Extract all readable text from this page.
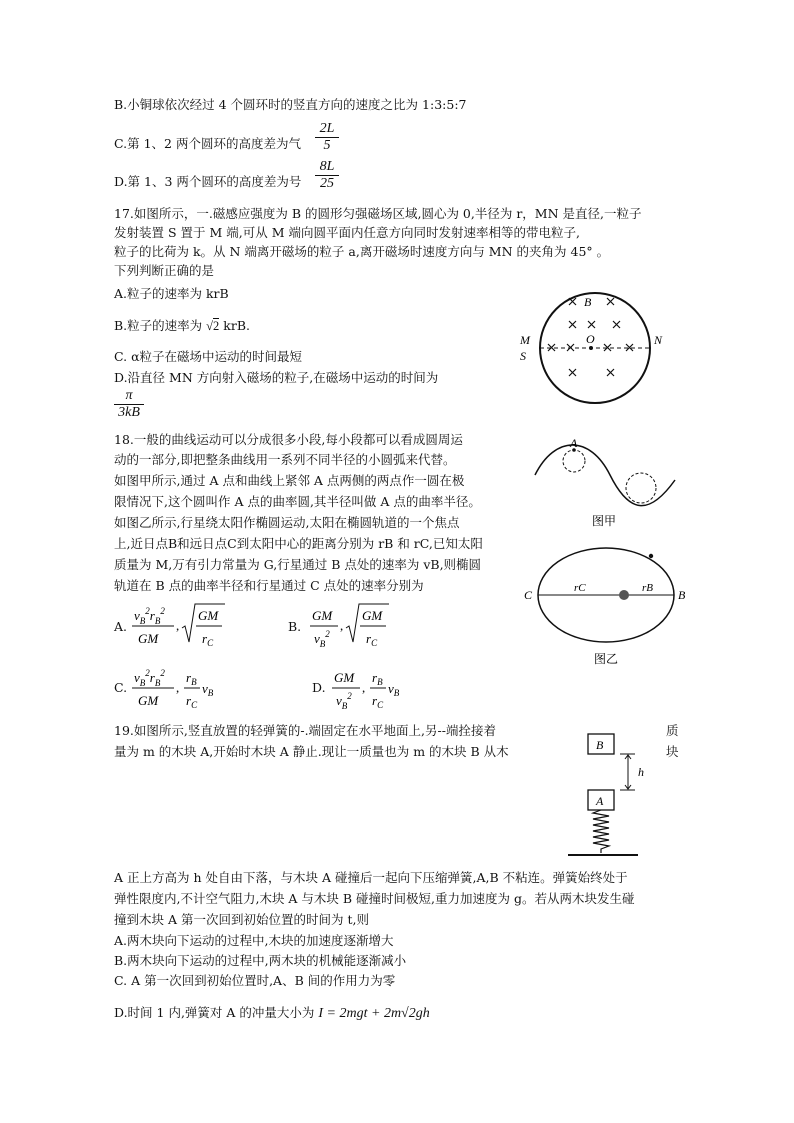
B.小铜球依次经过 4 个圆环时的竖直方向的速度之比为 1:3:5:7
C.第 1、2 两个圆环的高度差为气 $\frac{2L}{5}$
D.第 1、3 两个圆环的高度差为号 $\frac{8L}{25}$
17.如图所示，一.磁感应强度为 B 的圆形匀强磁场区域,圆心为 0,半径为 r，MN 是直径,一粒子
发射装置 S 置于 M 端,可从 M 端向圆平面内任意方向同时发射速率相等的带电粒子,
粒子的比荷为 k。从 N 端离开磁场的粒子 a,离开磁场时速度方向与 MN 的夹角为 45° 。
下列判断正确的是
A.粒子的速率为 krB
B.粒子的速率为 √2 krB.
C. α粒子在磁场中运动的时间最短
D.沿直径 MN 方向射入磁场的粒子,在磁场中运动的时间为
$\frac{\pi}{3kB}$
B
O
M
S
N
18.一般的曲线运动可以分成很多小段,每小段都可以看成圆周运
动的一部分,即把整条曲线用一系列不同半径的小圆弧来代替。
如图甲所示,通过 A 点和曲线上紧邻 A 点两侧的两点作一圆在极
限情况下,这个圆叫作 A 点的曲率圆,其半径叫做 A 点的曲率半径。
如图乙所示,行星绕太阳作椭圆运动,太阳在椭圆轨道的一个焦点
上,近日点B和远日点C到太阳中心的距离分别为 rB 和 rC,已知太阳
质量为 M,万有引力常量为 G,行星通过 B 点处的速率为 vB,则椭圆
轨道在 B 点的曲率半径和行星通过 C 点处的速率分别为
A.
$v_B^2r_B^2$
GM
,
GM
$r_C$
B.
GM
$v_B^2$
,
GM
$r_C$
C.
$v_B^2r_B^2$
GM
,
$r_B$
$r_C$
$v_B$	D.
GM
$v_B^2$
,
$r_B$
$r_C$
$v_B$
A
图甲
C	B
rC	rB
图乙
19.如图所示,竖直放置的轻弹簧的-.端固定在水平地面上,另--端拴接着	质
量为 m 的木块 A,开始时木块 A 静止.现让一质量也为 m 的木块 B 从木	块
B
h
A
A 正上方高为 h 处自由下落，与木块 A 碰撞后一起向下压缩弹簧,A,B 不粘连。弹簧始终处于
弹性限度内,不计空气阻力,木块 A 与木块 B 碰撞时间极短,重力加速度为 g。若从两木块发生碰
撞到木块 A 第一次回到初始位置的时间为 t,则
A.两木块向下运动的过程中,木块的加速度逐渐增大
B.两木块向下运动的过程中,两木块的机械能逐渐减小
C. A 第一次回到初始位置时,A、B 间的作用力为零
D.时间 1 内,弹簧对 A 的冲量大小为 I = 2mgt + 2m√2gh
